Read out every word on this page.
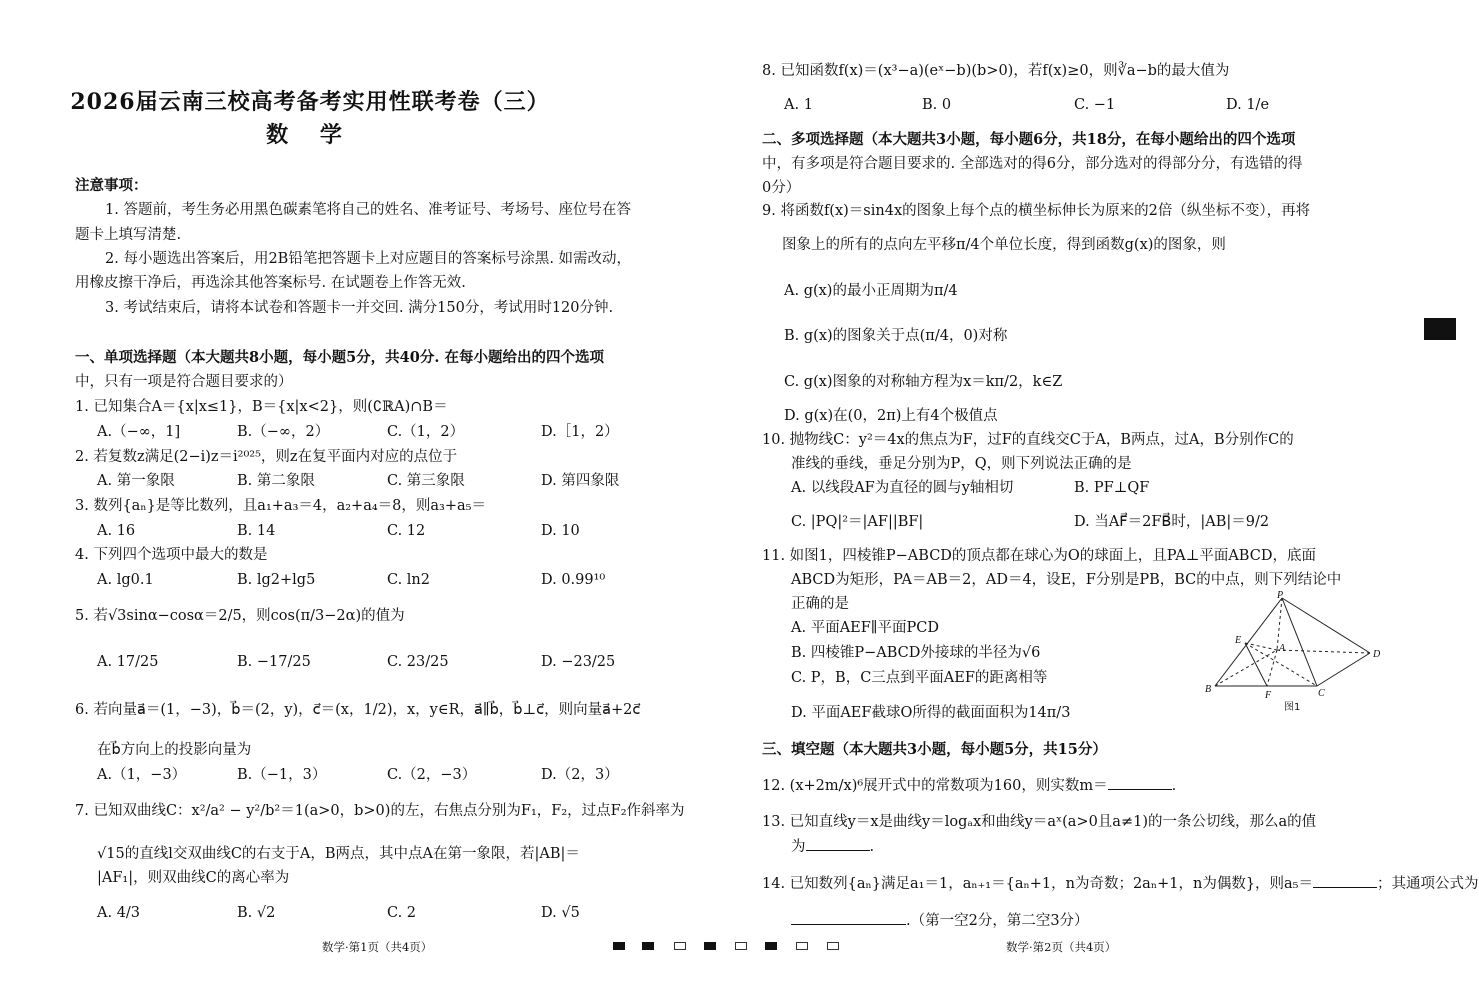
2026届云南三校高考备考实用性联考卷（三）
数 学
注意事项：
1. 答题前，考生务必用黑色碳素笔将自己的姓名、准考证号、考场号、座位号在答
题卡上填写清楚.
2. 每小题选出答案后，用2B铅笔把答题卡上对应题目的答案标号涂黑. 如需改动，
用橡皮擦干净后，再选涂其他答案标号. 在试题卷上作答无效.
3. 考试结束后，请将本试卷和答题卡一并交回. 满分150分，考试用时120分钟.
一、单项选择题（本大题共8小题，每小题5分，共40分. 在每小题给出的四个选项
中，只有一项是符合题目要求的）
1. 已知集合A＝{x|x≤1}，B＝{x|x<2}，则(∁ℝA)∩B＝
A.（−∞，1]	B.（−∞，2）	C.（1，2）	D.［1，2）
2. 若复数z满足(2−i)z＝i²⁰²⁵，则z在复平面内对应的点位于
A. 第一象限	B. 第二象限	C. 第三象限	D. 第四象限
3. 数列{aₙ}是等比数列，且a₁+a₃＝4，a₂+a₄＝8，则a₃+a₅＝
A. 16	B. 14	C. 12	D. 10
4. 下列四个选项中最大的数是
A. lg0.1	B. lg2+lg5	C. ln2	D. 0.99¹⁰
5. 若√3sinα−cosα＝2/5，则cos(π/3−2α)的值为
A. 17/25	B. −17/25	C. 23/25	D. −23/25
6. 若向量a⃗＝(1，−3)，b⃗＝(2，y)，c⃗＝(x，1/2)，x，y∈R，a⃗∥b⃗，b⃗⊥c⃗，则向量a⃗+2c⃗
在b⃗方向上的投影向量为
A.（1，−3）	B.（−1，3）	C.（2，−3）	D.（2，3）
7. 已知双曲线C：x²/a² − y²/b²＝1(a>0，b>0)的左，右焦点分别为F₁，F₂，过点F₂作斜率为
√15的直线l交双曲线C的右支于A，B两点，其中点A在第一象限，若|AB|＝
|AF₁|，则双曲线C的离心率为
A. 4/3	B. √2	C. 2	D. √5
8. 已知函数f(x)＝(x³−a)(eˣ−b)(b>0)，若f(x)≥0，则∛a−b的最大值为
A. 1	B. 0	C. −1	D. 1/e
二、多项选择题（本大题共3小题，每小题6分，共18分，在每小题给出的四个选项
中，有多项是符合题目要求的. 全部选对的得6分，部分选对的得部分分，有选错的得
0分）
9. 将函数f(x)＝sin4x的图象上每个点的横坐标伸长为原来的2倍（纵坐标不变），再将
图象上的所有的点向左平移π/4个单位长度，得到函数g(x)的图象，则
A. g(x)的最小正周期为π/4
B. g(x)的图象关于点(π/4，0)对称
C. g(x)图象的对称轴方程为x＝kπ/2，k∈Z
D. g(x)在(0，2π)上有4个极值点
10. 抛物线C：y²＝4x的焦点为F，过F的直线交C于A，B两点，过A，B分别作C的
准线的垂线，垂足分别为P，Q，则下列说法正确的是
A. 以线段AF为直径的圆与y轴相切	B. PF⊥QF
C. |PQ|²＝|AF||BF|	D. 当AF⃗＝2FB⃗时，|AB|＝9/2
11. 如图1，四棱锥P−ABCD的顶点都在球心为O的球面上，且PA⊥平面ABCD，底面
ABCD为矩形，PA＝AB＝2，AD＝4，设E，F分别是PB，BC的中点，则下列结论中
正确的是
A. 平面AEF∥平面PCD
B. 四棱锥P−ABCD外接球的半径为√6
C. P，B，C三点到平面AEF的距离相等
D. 平面AEF截球O所得的截面面积为14π/3
三、填空题（本大题共3小题，每小题5分，共15分）
12. (x+2m/x)⁶展开式中的常数项为160，则实数m＝	.
13. 已知直线y＝x是曲线y＝logₐx和曲线y＝aˣ(a>0且a≠1)的一条公切线，那么a的值
为	.
14. 已知数列{aₙ}满足a₁＝1，aₙ₊₁＝{aₙ+1，n为奇数；2aₙ+1，n为偶数}，则a₅＝	；其通项公式为
.（第一空2分，第二空3分）
P
E
A
D
B
F	C
图1
数学·第1页（共4页）	数学·第2页（共4页）
